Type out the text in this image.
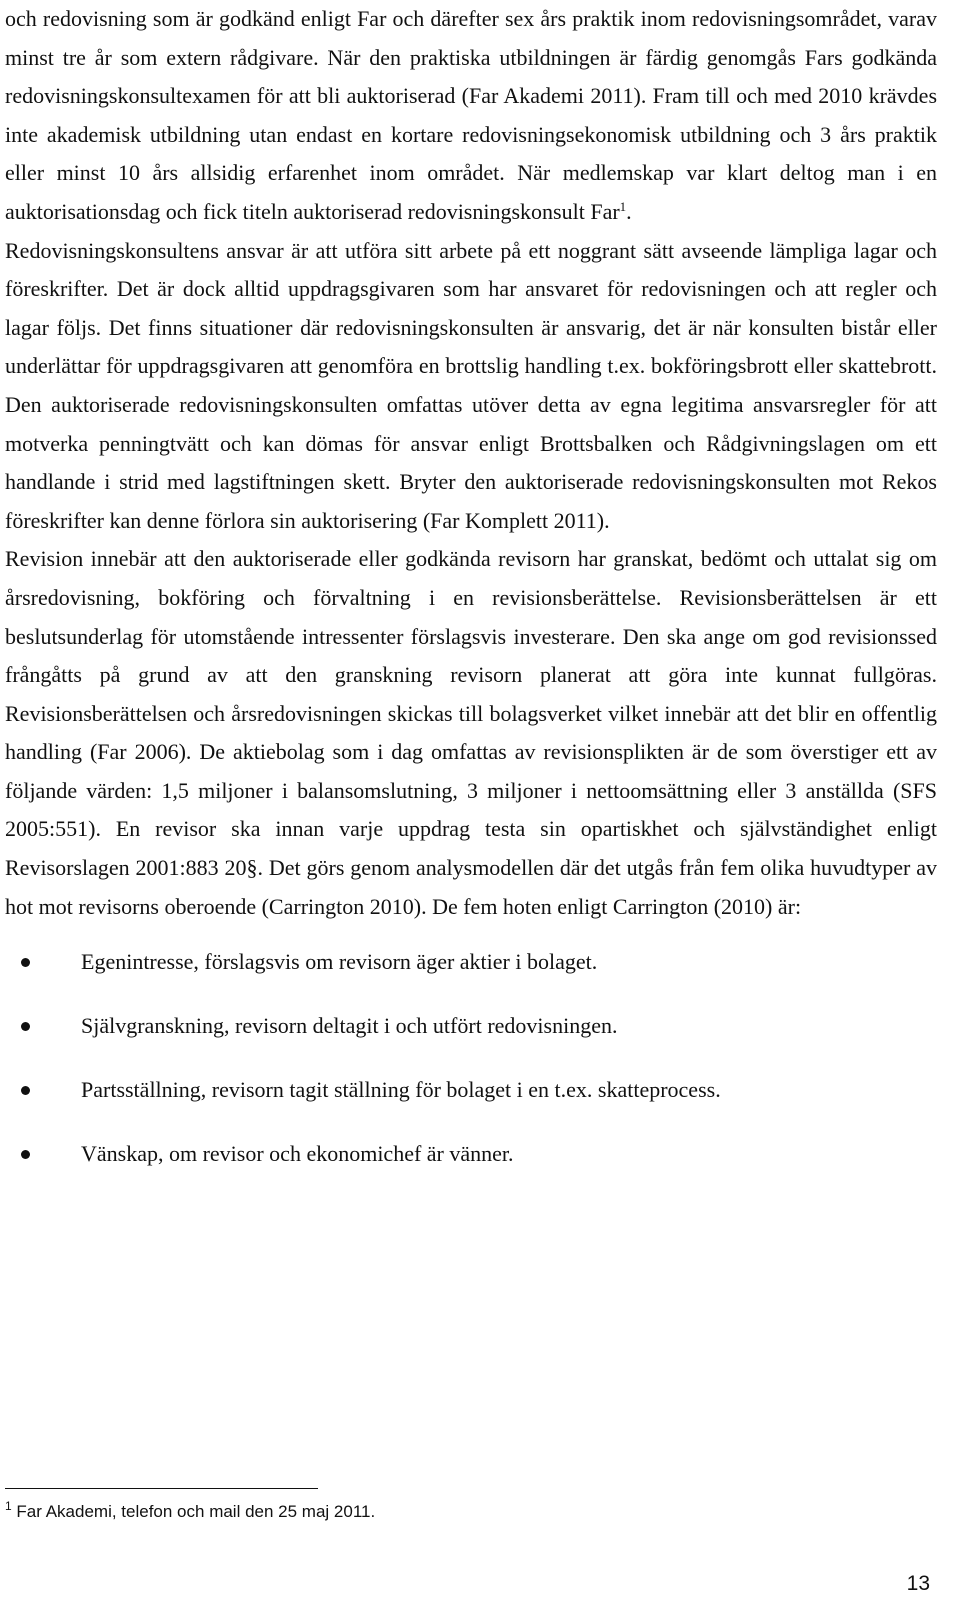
och redovisning som är godkänd enligt Far och därefter sex års praktik inom redovisningsområdet, varav minst tre år som extern rådgivare. När den praktiska utbildningen är färdig genomgås Fars godkända redovisningskonsultexamen för att bli auktoriserad (Far Akademi 2011). Fram till och med 2010 krävdes inte akademisk utbildning utan endast en kortare redovisningsekonomisk utbildning och 3 års praktik eller minst 10 års allsidig erfarenhet inom området. När medlemskap var klart deltog man i en auktorisationsdag och fick titeln auktoriserad redovisningskonsult Far$^1$.

Redovisningskonsultens ansvar är att utföra sitt arbete på ett noggrant sätt avseende lämpliga lagar och föreskrifter. Det är dock alltid uppdragsgivaren som har ansvaret för redovisningen och att regler och lagar följs. Det finns situationer där redovisningskonsulten är ansvarig, det är när konsulten bistår eller underlättar för uppdragsgivaren att genomföra en brottslig handling t.ex. bokföringsbrott eller skattebrott. Den auktoriserade redovisningskonsulten omfattas utöver detta av egna legitima ansvarsregler för att motverka penningtvätt och kan dömas för ansvar enligt Brottsbalken och Rådgivningslagen om ett handlande i strid med lagstiftningen skett. Bryter den auktoriserade redovisningskonsulten mot Rekos föreskrifter kan denne förlora sin auktorisering (Far Komplett 2011).

Revision innebär att den auktoriserade eller godkända revisorn har granskat, bedömt och uttalat sig om årsredovisning, bokföring och förvaltning i en revisionsberättelse. Revisionsberättelsen är ett beslutsunderlag för utomstående intressenter förslagsvis investerare. Den ska ange om god revisionssed frångåtts på grund av att den granskning revisorn planerat att göra inte kunnat fullgöras. Revisionsberättelsen och årsredovisningen skickas till bolagsverket vilket innebär att det blir en offentlig handling (Far 2006). De aktiebolag som i dag omfattas av revisionsplikten är de som överstiger ett av följande värden: 1,5 miljoner i balansomslutning, 3 miljoner i nettoomsättning eller 3 anställda (SFS 2005:551). En revisor ska innan varje uppdrag testa sin opartiskhet och självständighet enligt Revisorslagen 2001:883 20§. Det görs genom analysmodellen där det utgås från fem olika huvudtyper av hot mot revisorns oberoende (Carrington 2010). De fem hoten enligt Carrington (2010) är:

Egenintresse, förslagsvis om revisorn äger aktier i bolaget.
Självgranskning, revisorn deltagit i och utfört redovisningen.
Partsställning, revisorn tagit ställning för bolaget i en t.ex. skatteprocess.
Vänskap, om revisor och ekonomichef är vänner.
$^1$ Far Akademi, telefon och mail den 25 maj 2011.
13
